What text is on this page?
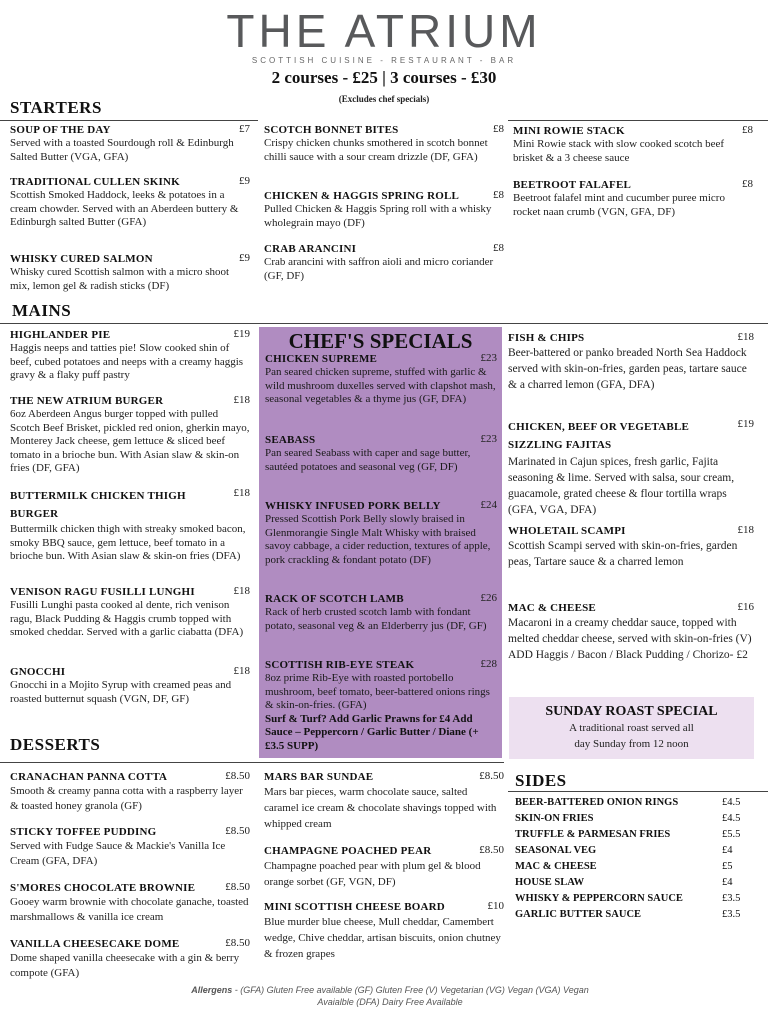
THE ATRIUM
SCOTTISH CUISINE - RESTAURANT - BAR
2 courses - £25 | 3 courses - £30
(Excludes chef specials)
STARTERS
SOUP OF THE DAY	£7
Served with a toasted Sourdough roll & Edinburgh Salted Butter (VGA, GFA)
TRADITIONAL CULLEN SKINK	£9
Scottish Smoked Haddock, leeks & potatoes in a cream chowder. Served with an Aberdeen buttery & Edinburgh salted Butter (GFA)
WHISKY CURED SALMON	£9
Whisky cured Scottish salmon with a micro shoot mix, lemon gel & radish sticks (DF)
SCOTCH BONNET BITES	£8
Crispy chicken chunks smothered in scotch bonnet chilli sauce with a sour cream drizzle (DF, GFA)
CHICKEN & HAGGIS SPRING ROLL	£8
Pulled Chicken & Haggis Spring roll with a whisky wholegrain mayo (DF)
CRAB ARANCINI	£8
Crab arancini with saffron aioli and micro coriander (GF, DF)
MINI ROWIE STACK	£8
Mini Rowie stack with slow cooked scotch beef brisket & a 3 cheese sauce
BEETROOT FALAFEL	£8
Beetroot falafel mint and cucumber puree micro rocket naan crumb (VGN, GFA, DF)
MAINS
HIGHLANDER PIE	£19
Haggis neeps and tatties pie! Slow cooked shin of beef, cubed potatoes and neeps with a creamy haggis gravy & a flaky puff pastry
THE NEW ATRIUM BURGER	£18
6oz Aberdeen Angus burger topped with pulled Scotch Beef Brisket, pickled red onion, gherkin mayo, Monterey Jack cheese, gem lettuce & sliced beef tomato in a brioche bun. With Asian slaw & skin-on fries (DF, GFA)
BUTTERMILK CHICKEN THIGH BURGER
£18
Buttermilk chicken thigh with streaky smoked bacon, smoky BBQ sauce, gem lettuce, beef tomato in a brioche bun. With Asian slaw & skin-on fries (DFA)
VENISON RAGU FUSILLI LUNGHI	£18
Fusilli Lunghi pasta cooked al dente, rich venison ragu, Black Pudding & Haggis crumb topped with smoked cheddar. Served with a garlic ciabatta (DFA)
GNOCCHI	£18
Gnocchi in a Mojito Syrup with creamed peas and roasted butternut squash (VGN, DF, GF)
CHEF'S SPECIALS
CHICKEN SUPREME	£23
Pan seared chicken supreme, stuffed with garlic & wild mushroom duxelles served with clapshot mash, seasonal vegetables & a thyme jus (GF, DFA)
SEABASS	£23
Pan seared Seabass with caper and sage butter, sautéed potatoes and seasonal veg (GF, DF)
WHISKY INFUSED PORK BELLY	£24
Pressed Scottish Pork Belly slowly braised in Glenmorangie Single Malt Whisky with braised savoy cabbage, a cider reduction, textures of apple, pork crackling & fondant potato (DF)
RACK OF SCOTCH LAMB	£26
Rack of herb crusted scotch lamb with fondant potato, seasonal veg & an Elderberry jus (DF, GF)
SCOTTISH RIB-EYE STEAK	£28
8oz prime Rib-Eye with roasted portobello mushroom, beef tomato, beer-battered onions rings & skin-on-fries. (GFA)
Surf & Turf? Add Garlic Prawns for £4 Add Sauce – Peppercorn / Garlic Butter / Diane (+ £3.5 SUPP)
FISH & CHIPS	£18
Beer-battered or panko breaded North Sea Haddock served with skin-on-fries, garden peas, tartare sauce & a charred lemon (GFA, DFA)
CHICKEN, BEEF OR VEGETABLE SIZZLING FAJITAS
£19
Marinated in Cajun spices, fresh garlic, Fajita seasoning & lime. Served with salsa, sour cream, guacamole, grated cheese & flour tortilla wraps (GFA, VGA, DFA)
WHOLETAIL SCAMPI	£18
Scottish Scampi served with skin-on-fries, garden peas, Tartare sauce & a charred lemon
MAC & CHEESE	£16
Macaroni in a creamy cheddar sauce, topped with melted cheddar cheese, served with skin-on-fries (V)
ADD Haggis / Bacon / Black Pudding / Chorizo- £2
SUNDAY ROAST SPECIAL
A traditional roast served all
day Sunday from 12 noon
DESSERTS
CRANACHAN PANNA COTTA	£8.50
Smooth & creamy panna cotta with a raspberry layer & toasted honey granola (GF)
STICKY TOFFEE PUDDING	£8.50
Served with Fudge Sauce & Mackie's Vanilla Ice Cream (GFA, DFA)
S'MORES CHOCOLATE BROWNIE	£8.50
Gooey warm brownie with chocolate ganache, toasted marshmallows & vanilla ice cream
VANILLA CHEESECAKE DOME	£8.50
Dome shaped vanilla cheesecake with a gin & berry compote (GFA)
MARS BAR SUNDAE	£8.50
Mars bar pieces, warm chocolate sauce, salted caramel ice cream & chocolate shavings topped with whipped cream
CHAMPAGNE POACHED PEAR	£8.50
Champagne poached pear with plum gel & blood orange sorbet (GF, VGN, DF)
MINI SCOTTISH CHEESE BOARD	£10
Blue murder blue cheese, Mull cheddar, Camembert wedge, Chive cheddar, artisan biscuits, onion chutney & frozen grapes
SIDES
BEER-BATTERED ONION RINGS	£4.5
SKIN-ON FRIES	£4.5
TRUFFLE & PARMESAN FRIES	£5.5
SEASONAL VEG	£4
MAC & CHEESE	£5
HOUSE SLAW	£4
WHISKY & PEPPERCORN SAUCE	£3.5
GARLIC BUTTER SAUCE	£3.5
Allergens - (GFA) Gluten Free available (GF) Gluten Free (V) Vegetarian (VG) Vegan (VGA) Vegan
Avaialble (DFA) Dairy Free Available
